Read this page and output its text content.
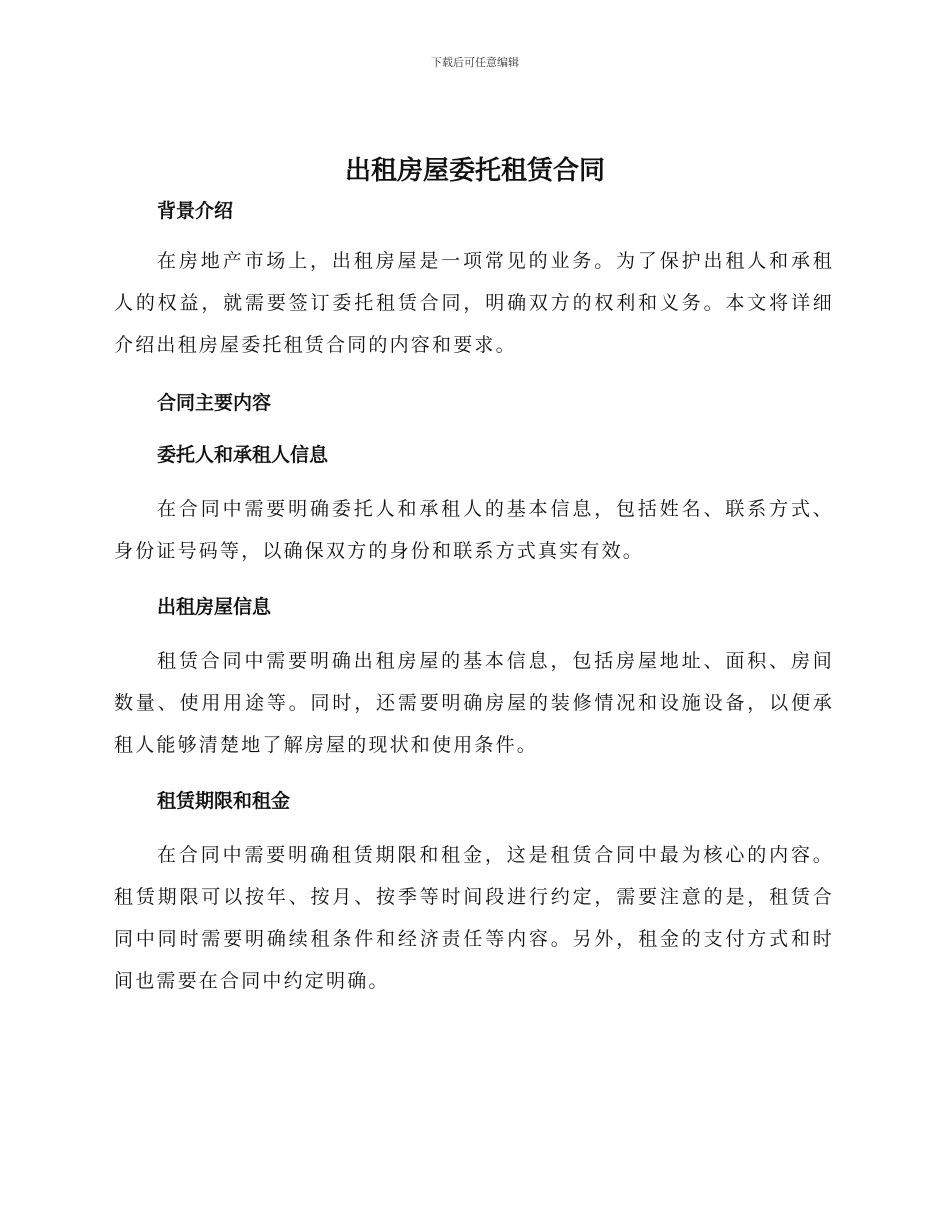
下载后可任意编辑
出租房屋委托租赁合同

背景介绍

在房地产市场上，出租房屋是一项常见的业务。为了保护出租人和承租人的权益，就需要签订委托租赁合同，明确双方的权利和义务。本文将详细介绍出租房屋委托租赁合同的内容和要求。

合同主要内容

委托人和承租人信息

在合同中需要明确委托人和承租人的基本信息，包括姓名、联系方式、身份证号码等，以确保双方的身份和联系方式真实有效。

出租房屋信息

租赁合同中需要明确出租房屋的基本信息，包括房屋地址、面积、房间数量、使用用途等。同时，还需要明确房屋的装修情况和设施设备，以便承租人能够清楚地了解房屋的现状和使用条件。

租赁期限和租金

在合同中需要明确租赁期限和租金，这是租赁合同中最为核心的内容。租赁期限可以按年、按月、按季等时间段进行约定，需要注意的是，租赁合同中同时需要明确续租条件和经济责任等内容。另外，租金的支付方式和时间也需要在合同中约定明确。
